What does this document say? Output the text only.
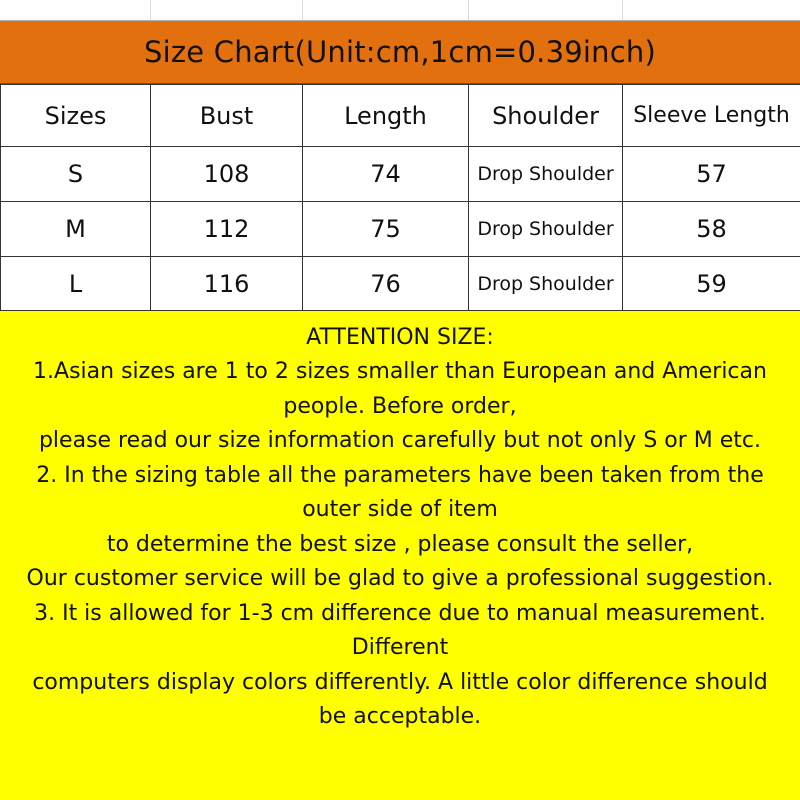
Size Chart(Unit:cm,1cm=0.39inch)
Sizes	Bust	Length	Shoulder	Sleeve Length
S	108	74	Drop Shoulder	57
M	112	75	Drop Shoulder	58
L	116	76	Drop Shoulder	59
ATTENTION SIZE:
1.Asian sizes are 1 to 2 sizes smaller than European and American
people. Before order,
please read our size information carefully but not only S or M etc.
2. In the sizing table all the parameters have been taken from the
outer side of item
to determine the best size , please consult the seller,
Our customer service will be glad to give a professional suggestion.
3. It is allowed for 1-3 cm difference due to manual measurement.
Different
computers display colors differently. A little color difference should
be acceptable.
